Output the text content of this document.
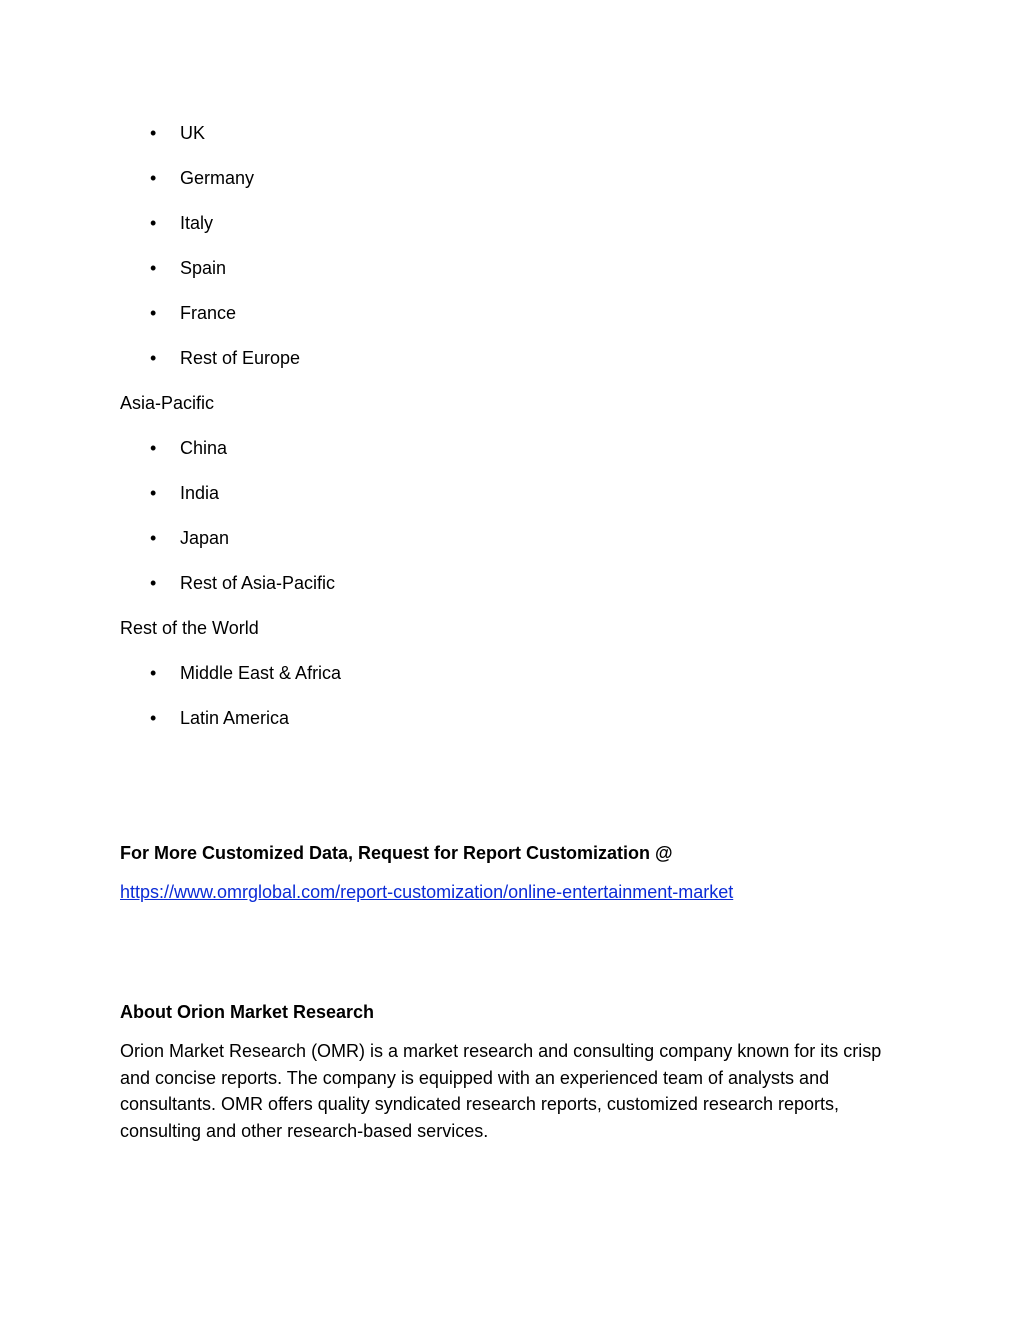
• UK
• Germany
• Italy
• Spain
• France
• Rest of Europe
Asia-Pacific
• China
• India
• Japan
• Rest of Asia-Pacific
Rest of the World
• Middle East & Africa
• Latin America
For More Customized Data, Request for Report Customization @
https://www.omrglobal.com/report-customization/online-entertainment-market
About Orion Market Research
Orion Market Research (OMR) is a market research and consulting company known for its crisp and concise reports. The company is equipped with an experienced team of analysts and consultants. OMR offers quality syndicated research reports, customized research reports, consulting and other research-based services.
